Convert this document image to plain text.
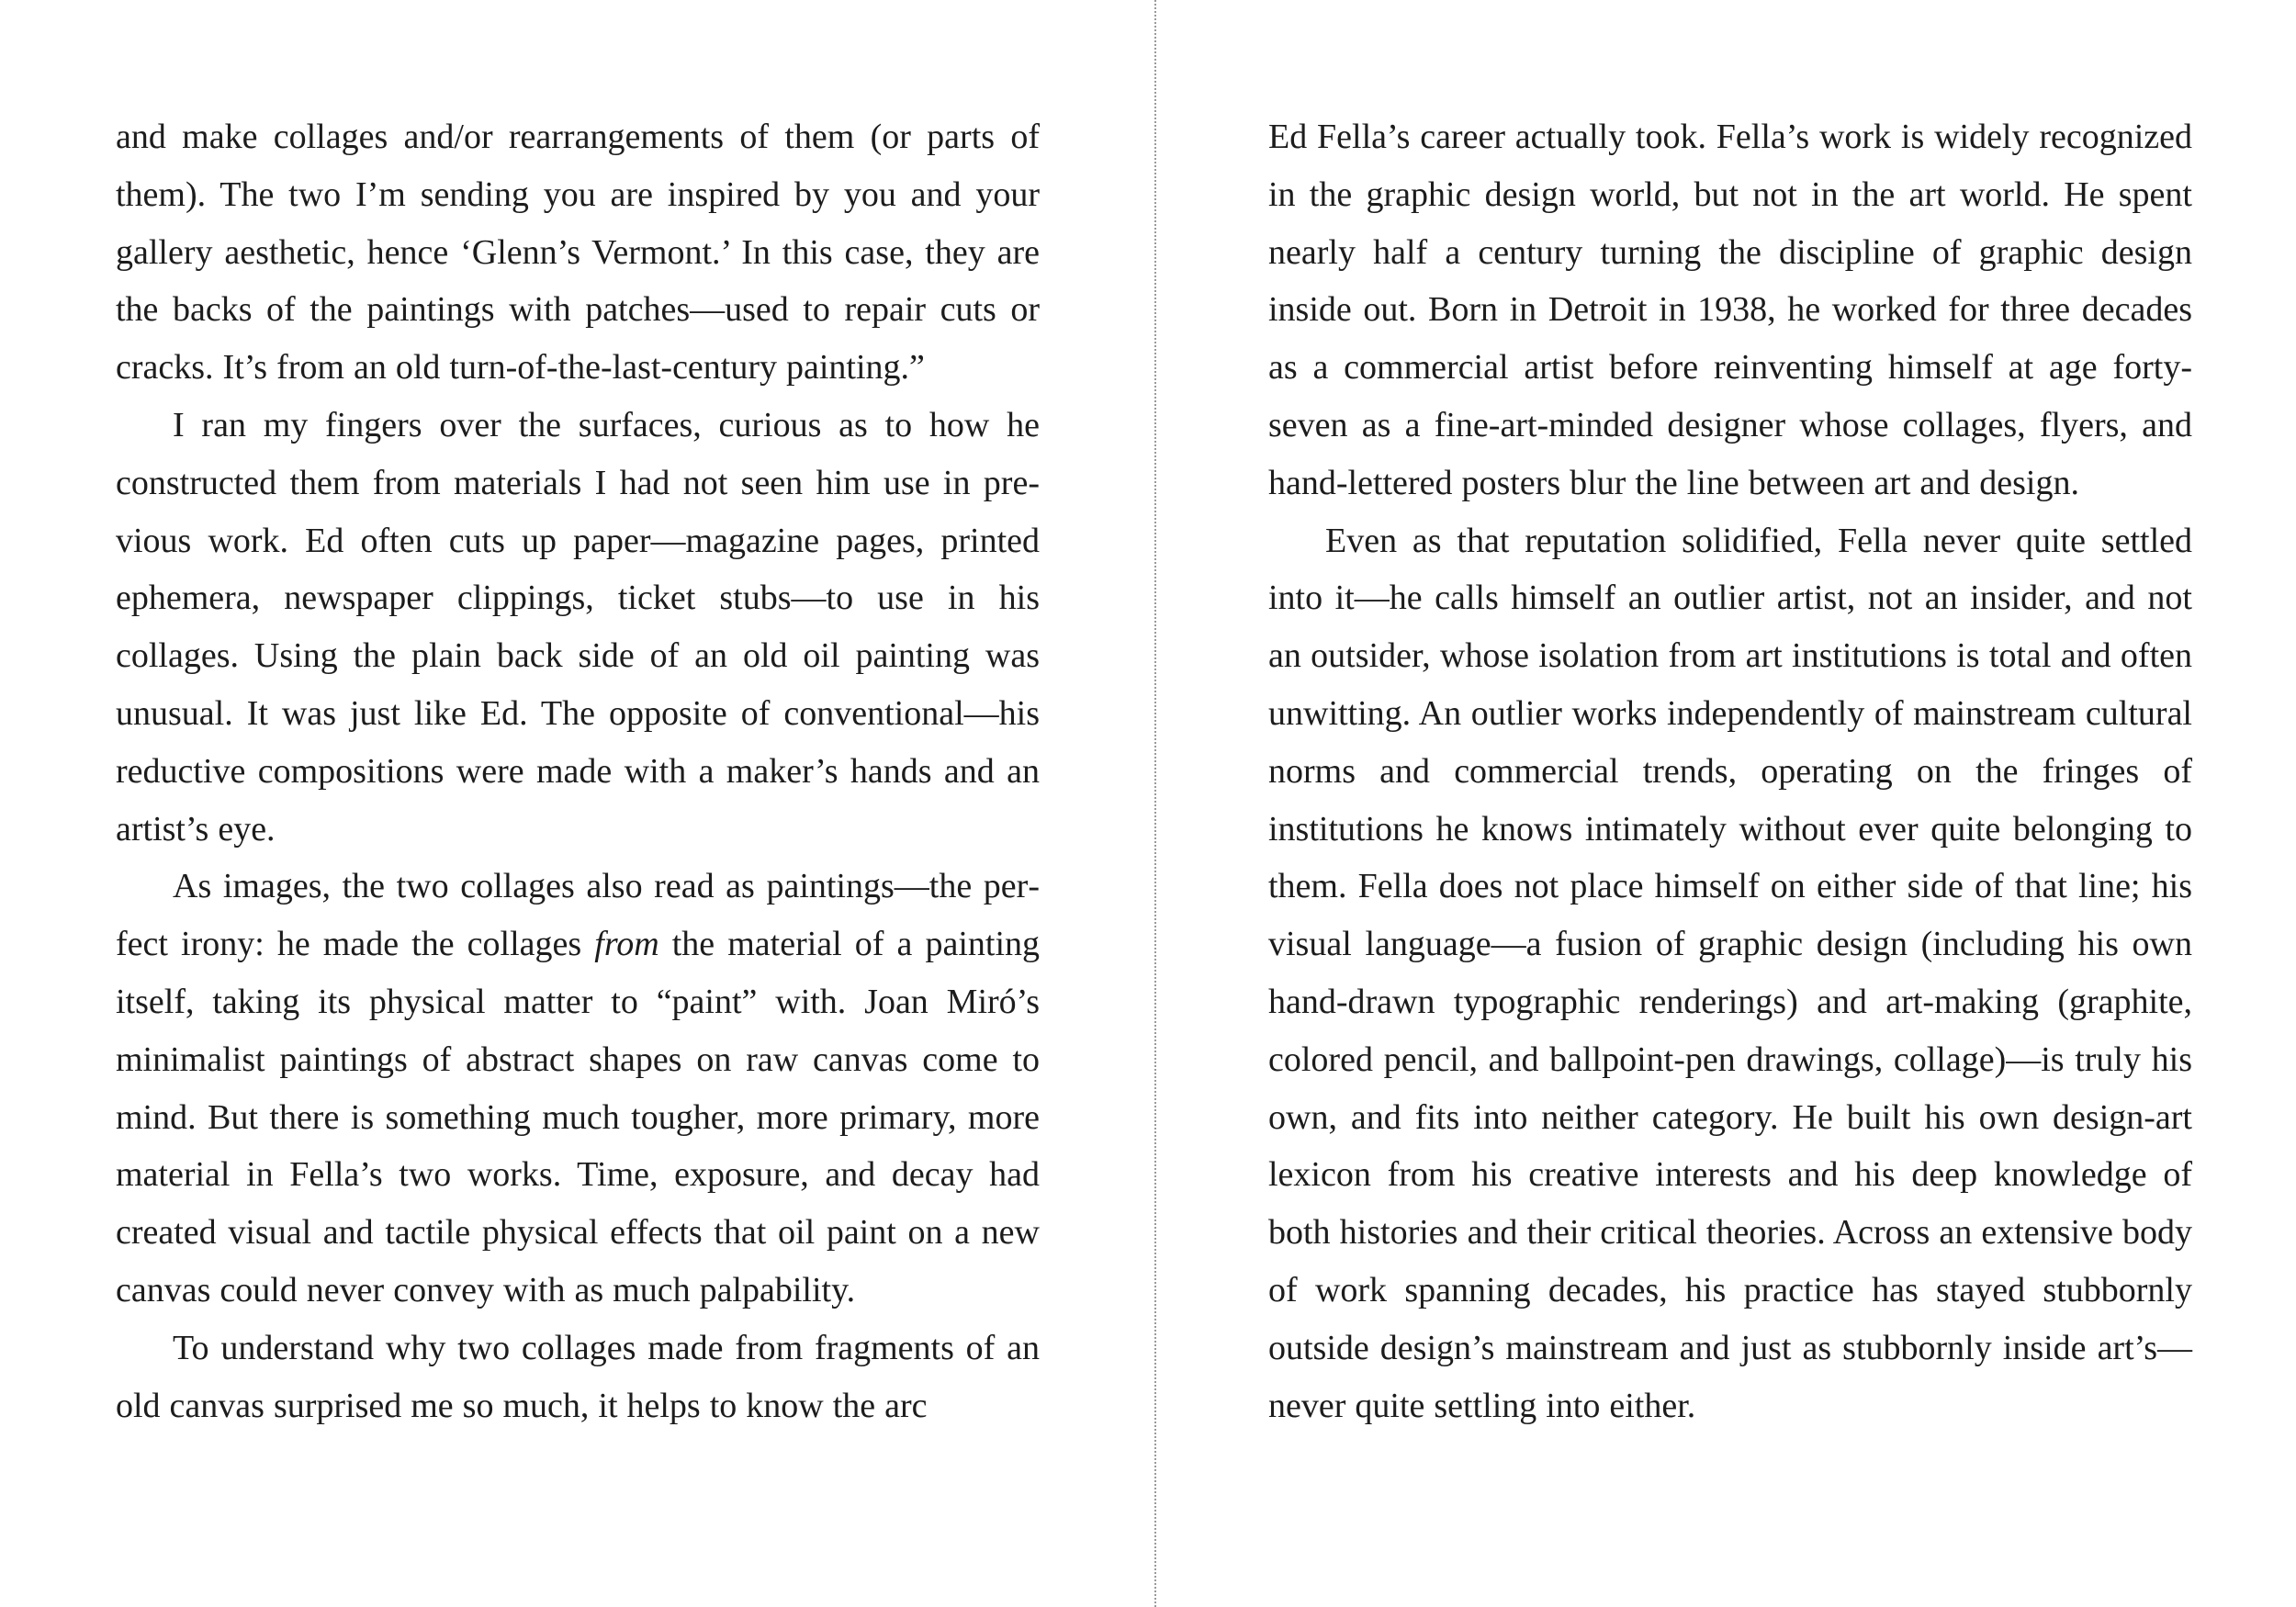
and make collages and/or rearrangements of them (or parts of them). The two I’m sending you are inspired by you and your gallery aesthetic, hence ‘Glenn’s Vermont.’ In this case, they are the backs of the paintings with patches—used to repair cuts or cracks. It’s from an old turn-of-the-last-century painting.”

I ran my fingers over the surfaces, curious as to how he constructed them from materials I had not seen him use in previous work. Ed often cuts up paper—magazine pages, printed ephemera, newspaper clippings, ticket stubs—to use in his collages. Using the plain back side of an old oil painting was unusual. It was just like Ed. The opposite of conventional—his reductive compositions were made with a maker’s hands and an artist’s eye.

As images, the two collages also read as paintings—the perfect irony: he made the collages from the material of a painting itself, taking its physical matter to “paint” with. Joan Miró’s minimalist paintings of abstract shapes on raw canvas come to mind. But there is something much tougher, more primary, more material in Fella’s two works. Time, exposure, and decay had created visual and tactile physical effects that oil paint on a new canvas could never convey with as much palpability.

To understand why two collages made from fragments of an old canvas surprised me so much, it helps to know the arc

Ed Fella’s career actually took. Fella’s work is widely recognized in the graphic design world, but not in the art world. He spent nearly half a century turning the discipline of graphic design inside out. Born in Detroit in 1938, he worked for three decades as a commercial artist before reinventing himself at age forty-seven as a fine-art-minded designer whose collages, flyers, and hand-lettered posters blur the line between art and design.

Even as that reputation solidified, Fella never quite settled into it—he calls himself an outlier artist, not an insider, and not an outsider, whose isolation from art institutions is total and often unwitting. An outlier works independently of mainstream cultural norms and commercial trends, operating on the fringes of institutions he knows intimately without ever quite belonging to them. Fella does not place himself on either side of that line; his visual language—a fusion of graphic design (including his own hand-drawn typographic renderings) and art-making (graphite, colored pencil, and ballpoint-pen drawings, collage)—is truly his own, and fits into neither category. He built his own design-art lexicon from his creative interests and his deep knowledge of both histories and their critical theories. Across an extensive body of work spanning decades, his practice has stayed stubbornly outside design’s mainstream and just as stubbornly inside art’s—never quite settling into either.
